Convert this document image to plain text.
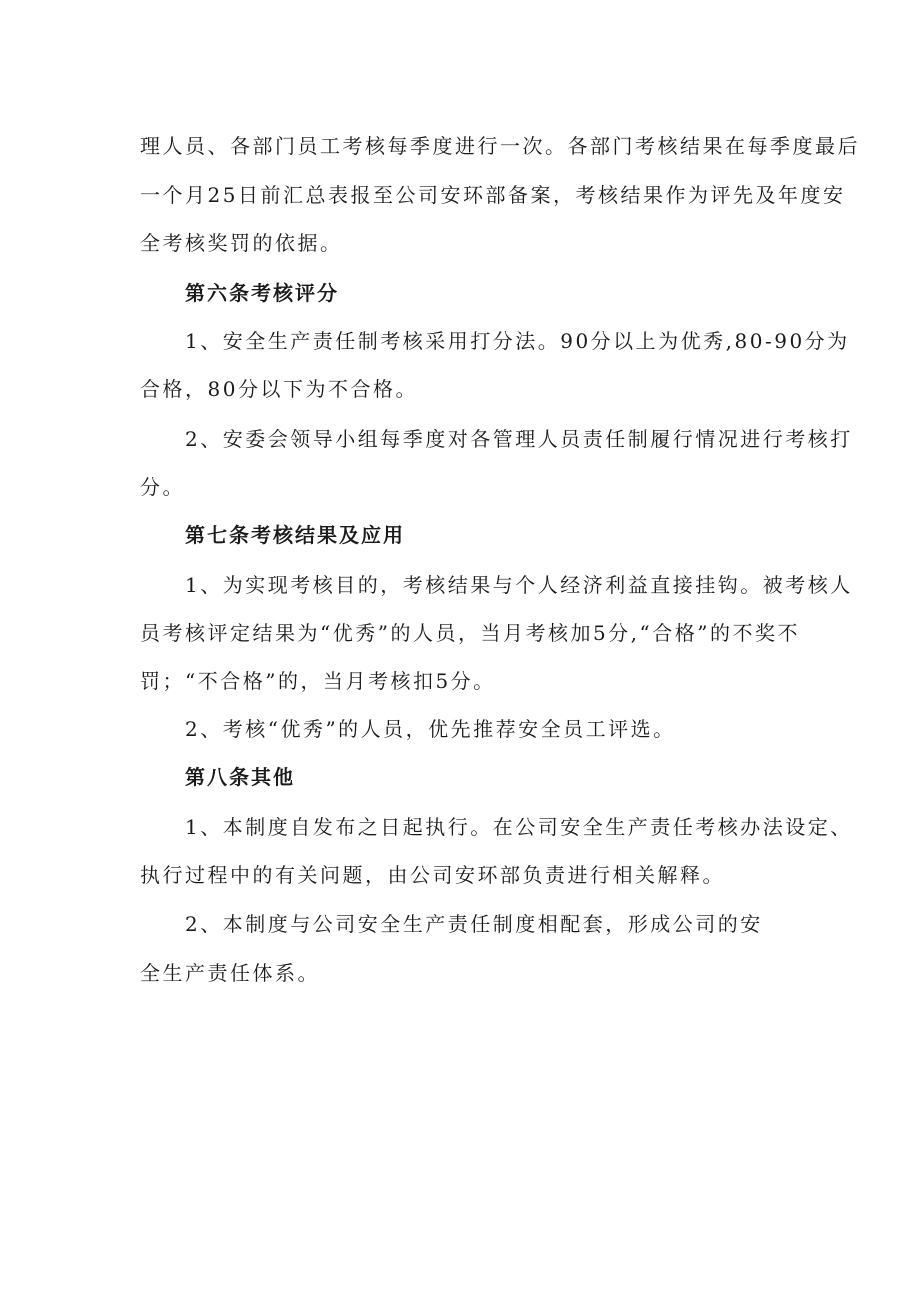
理人员、各部门员工考核每季度进行一次。各部门考核结果在每季度最后
一个月25日前汇总表报至公司安环部备案，考核结果作为评先及年度安
全考核奖罚的依据。
第六条考核评分
1、安全生产责任制考核采用打分法。90分以上为优秀,80-90分为
合格，80分以下为不合格。
2、安委会领导小组每季度对各管理人员责任制履行情况进行考核打
分。
第七条考核结果及应用
1、为实现考核目的，考核结果与个人经济利益直接挂钩。被考核人
员考核评定结果为“优秀”的人员，当月考核加5分,“合格”的不奖不
罚；“不合格”的，当月考核扣5分。
2、考核“优秀”的人员，优先推荐安全员工评选。
第八条其他
1、本制度自发布之日起执行。在公司安全生产责任考核办法设定、
执行过程中的有关问题，由公司安环部负责进行相关解释。
2、本制度与公司安全生产责任制度相配套，形成公司的安
全生产责任体系。
